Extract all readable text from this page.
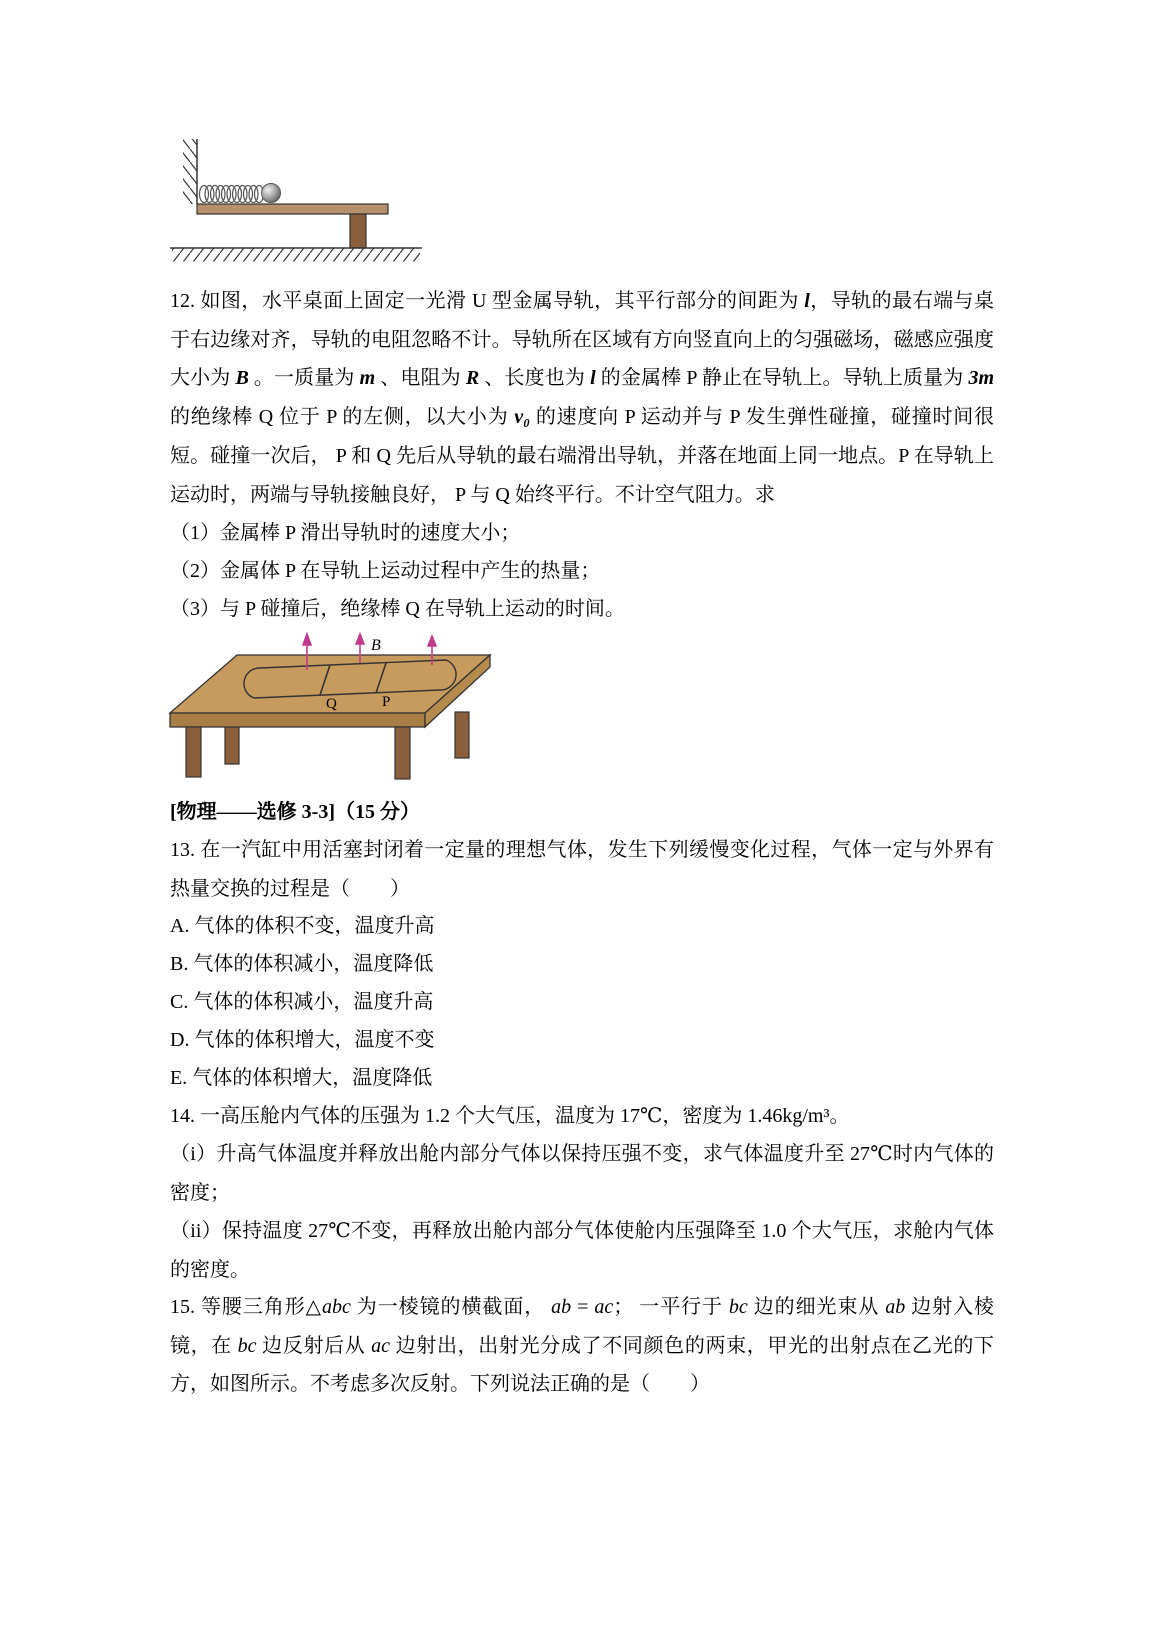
12. 如图，水平桌面上固定一光滑 U 型金属导轨，其平行部分的间距为 l，导轨的最右端与桌于右边缘对齐，导轨的电阻忽略不计。导轨所在区域有方向竖直向上的匀强磁场，磁感应强度大小为 B 。一质量为 m 、电阻为 R 、长度也为 l 的金属棒 P 静止在导轨上。导轨上质量为 3m 的绝缘棒 Q 位于 P 的左侧，以大小为 v₀ 的速度向 P 运动并与 P 发生弹性碰撞，碰撞时间很短。碰撞一次后， P 和 Q 先后从导轨的最右端滑出导轨，并落在地面上同一地点。P 在导轨上运动时，两端与导轨接触良好， P 与 Q 始终平行。不计空气阻力。求

（1）金属棒 P 滑出导轨时的速度大小；

（2）金属体 P 在导轨上运动过程中产生的热量；

（3）与 P 碰撞后，绝缘棒 Q 在导轨上运动的时间。

B
Q	P

[物理——选修 3-3]（15 分）

13. 在一汽缸中用活塞封闭着一定量的理想气体，发生下列缓慢变化过程，气体一定与外界有热量交换的过程是（　　）

A. 气体的体积不变，温度升高

B. 气体的体积减小，温度降低

C. 气体的体积减小，温度升高

D. 气体的体积增大，温度不变

E. 气体的体积增大，温度降低

14. 一高压舱内气体的压强为 1.2 个大气压，温度为 17℃，密度为 1.46kg/m³。

（i）升高气体温度并释放出舱内部分气体以保持压强不变，求气体温度升至 27℃时内气体的密度；

（ii）保持温度 27℃不变，再释放出舱内部分气体使舱内压强降至 1.0 个大气压，求舱内气体的密度。

15. 等腰三角形△abc 为一棱镜的横截面， ab = ac； 一平行于 bc 边的细光束从 ab 边射入棱镜，在 bc 边反射后从 ac 边射出，出射光分成了不同颜色的两束，甲光的出射点在乙光的下方，如图所示。不考虑多次反射。下列说法正确的是（　　）
